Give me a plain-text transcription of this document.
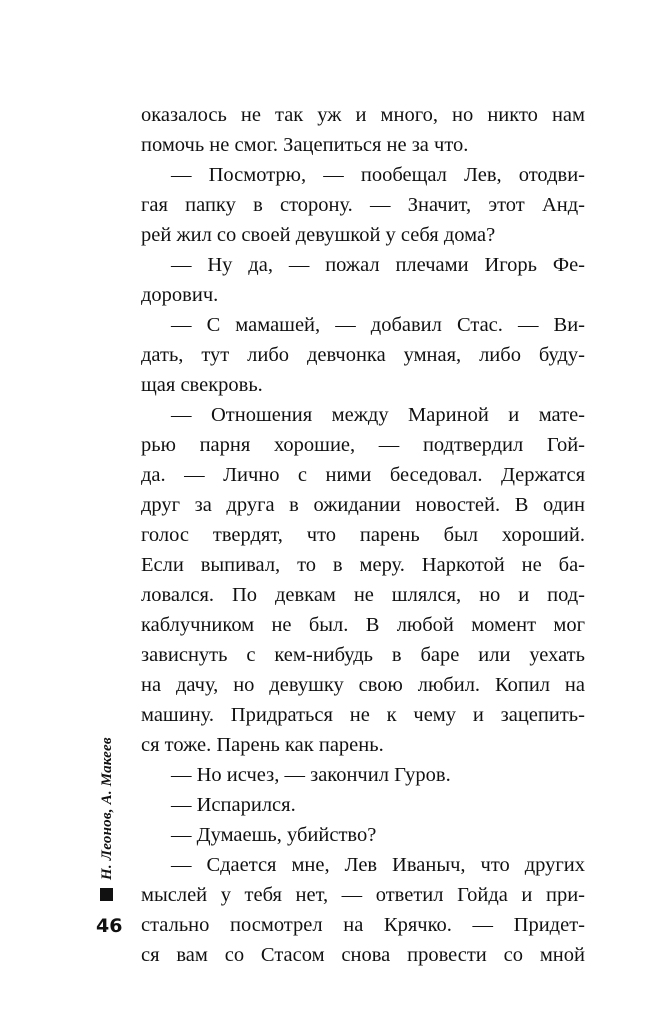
оказалось не так уж и много, но никто нам
помочь не смог. Зацепиться не за что.
— Посмотрю, — пообещал Лев, отодви-
гая папку в сторону. — Значит, этот Анд-
рей жил со своей девушкой у себя дома?
— Ну да, — пожал плечами Игорь Фе-
дорович.
— С мамашей, — добавил Стас. — Ви-
дать, тут либо девчонка умная, либо буду-
щая свекровь.
— Отношения между Мариной и мате-
рью парня хорошие, — подтвердил Гой-
да. — Лично с ними беседовал. Держатся
друг за друга в ожидании новостей. В один
голос твердят, что парень был хороший.
Если выпивал, то в меру. Наркотой не ба-
ловался. По девкам не шлялся, но и под-
каблучником не был. В любой момент мог
зависнуть с кем-нибудь в баре или уехать
на дачу, но девушку свою любил. Копил на
машину. Придраться не к чему и зацепить-
ся тоже. Парень как парень.
— Но исчез, — закончил Гуров.
— Испарился.
— Думаешь, убийство?
— Сдается мне, Лев Иваныч, что других
мыслей у тебя нет, — ответил Гойда и при-
стально посмотрел на Крячко. — Придет-
ся вам со Стасом снова провести со мной
Н. Леонов, А. Макеев
46
